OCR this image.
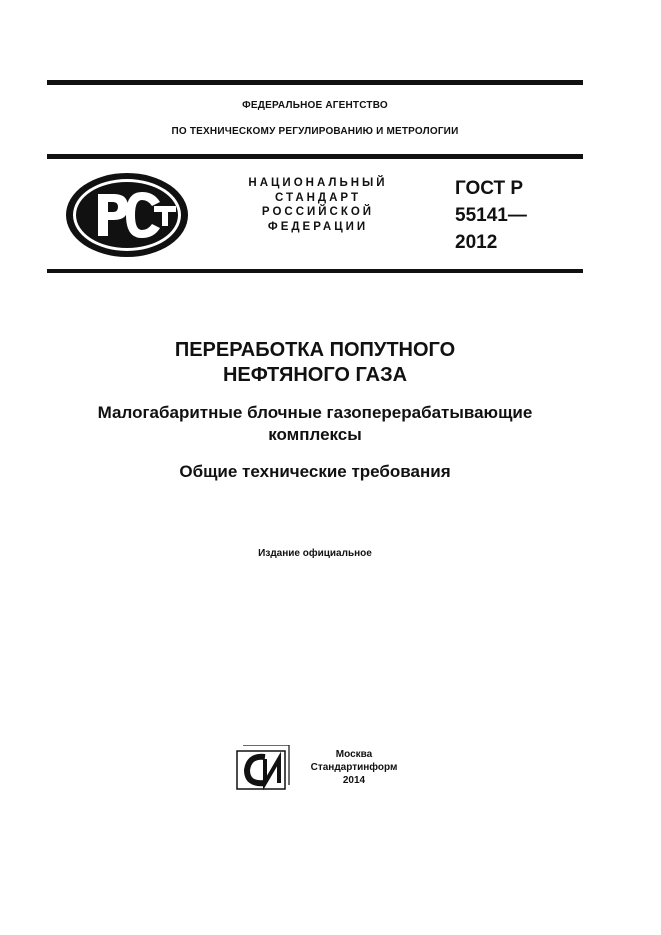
ФЕДЕРАЛЬНОЕ АГЕНТСТВО
ПО ТЕХНИЧЕСКОМУ РЕГУЛИРОВАНИЮ И МЕТРОЛОГИИ
НАЦИОНАЛЬНЫЙ
СТАНДАРТ
РОССИЙСКОЙ
ФЕДЕРАЦИИ
ГОСТ Р
55141—
2012
ПЕРЕРАБОТКА ПОПУТНОГО
НЕФТЯНОГО ГАЗА
Малогабаритные блочные газоперерабатывающие
комплексы
Общие технические требования
Издание официальное
Москва
Стандартинформ
2014
